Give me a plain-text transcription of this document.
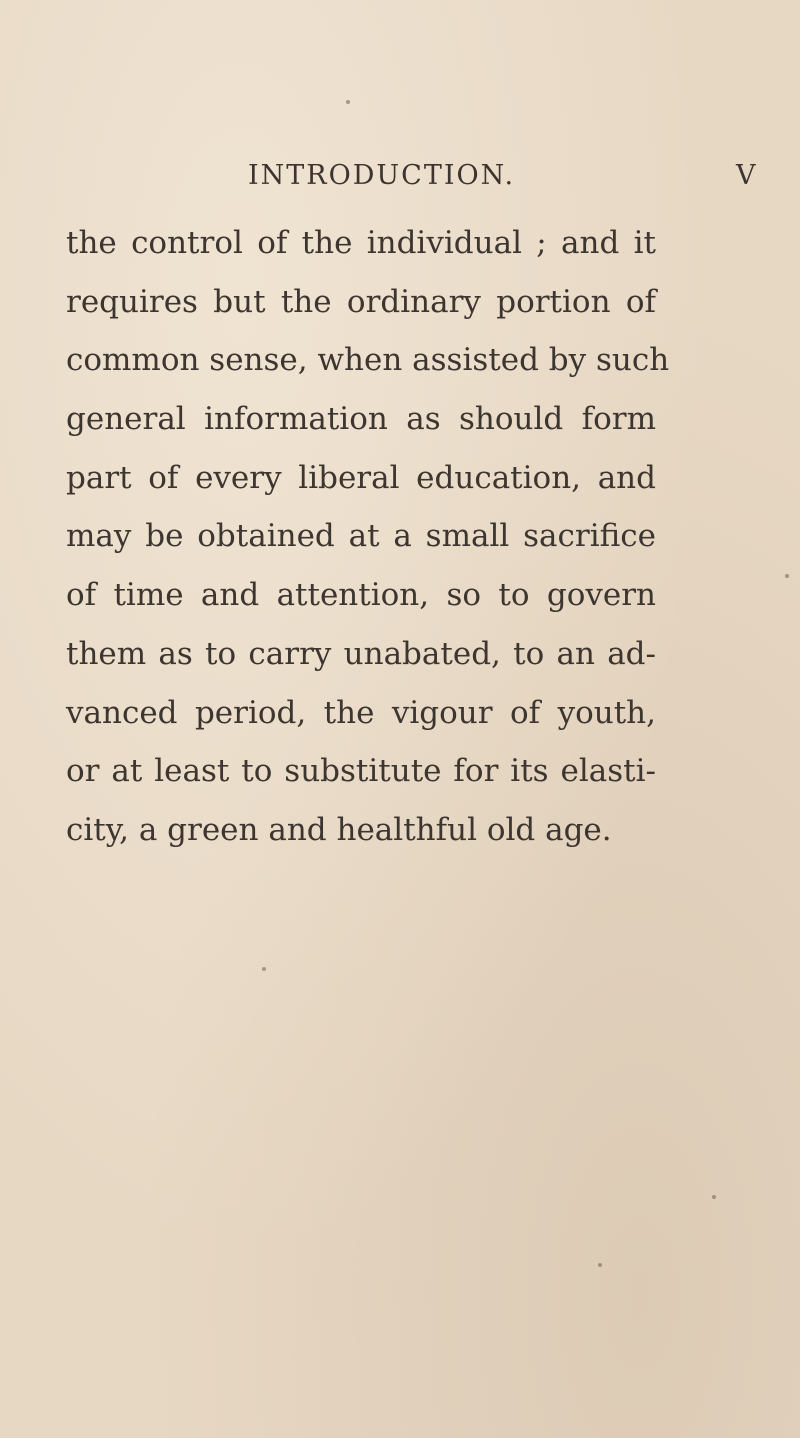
INTRODUCTION.	V
the control of the individual ; and it
requires but the ordinary portion of
common sense, when assisted by such
general information as should form
part of every liberal education, and
may be obtained at a small sacrifice
of time and attention, so to govern
them as to carry unabated, to an ad-
vanced period, the vigour of youth,
or at least to substitute for its elasti-
city, a green and healthful old age.
